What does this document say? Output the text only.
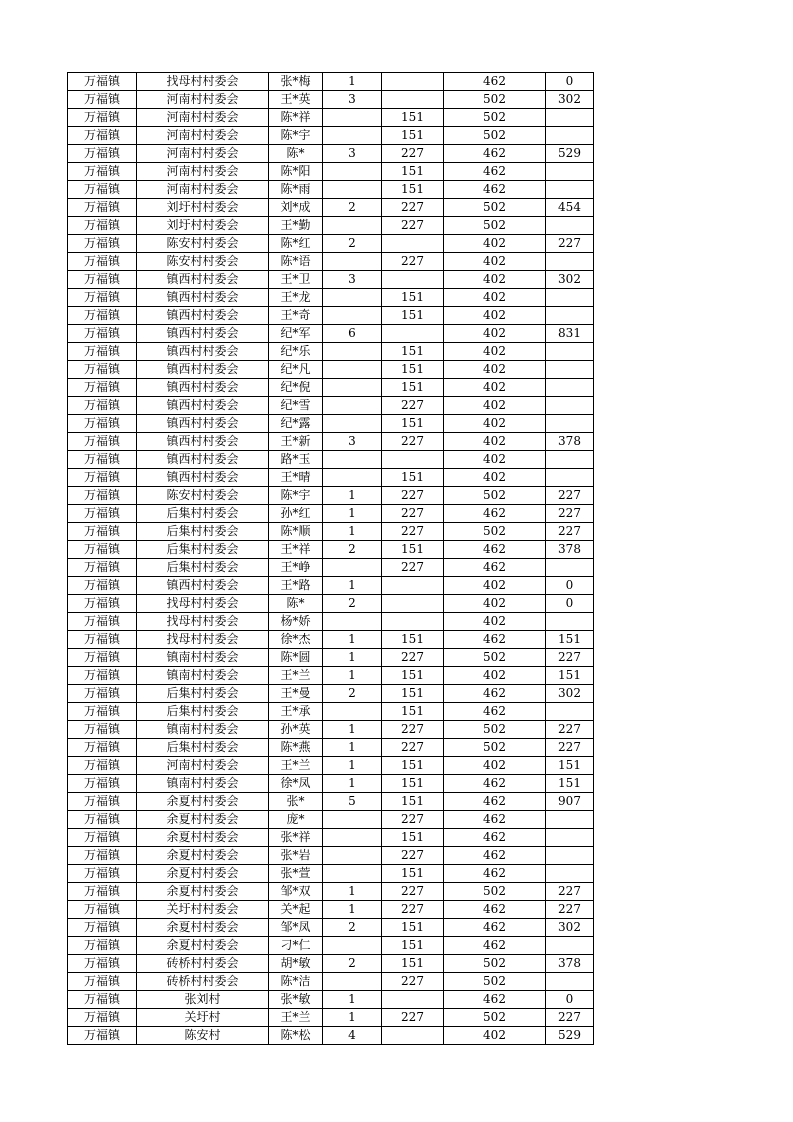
万福镇	找母村村委会	张*梅	1		462	0
万福镇	河南村村委会	王*英	3		502	302
万福镇	河南村村委会	陈*祥		151	502	
万福镇	河南村村委会	陈*宇		151	502	
万福镇	河南村村委会	陈*	3	227	462	529
万福镇	河南村村委会	陈*阳		151	462	
万福镇	河南村村委会	陈*雨		151	462	
万福镇	刘圩村村委会	刘*成	2	227	502	454
万福镇	刘圩村村委会	王*勤		227	502	
万福镇	陈安村村委会	陈*红	2		402	227
万福镇	陈安村村委会	陈*语		227	402	
万福镇	镇西村村委会	王*卫	3		402	302
万福镇	镇西村村委会	王*龙		151	402	
万福镇	镇西村村委会	王*奇		151	402	
万福镇	镇西村村委会	纪*军	6		402	831
万福镇	镇西村村委会	纪*乐		151	402	
万福镇	镇西村村委会	纪*凡		151	402	
万福镇	镇西村村委会	纪*倪		151	402	
万福镇	镇西村村委会	纪*雪		227	402	
万福镇	镇西村村委会	纪*露		151	402	
万福镇	镇西村村委会	王*新	3	227	402	378
万福镇	镇西村村委会	路*玉			402	
万福镇	镇西村村委会	王*晴		151	402	
万福镇	陈安村村委会	陈*宇	1	227	502	227
万福镇	后集村村委会	孙*红	1	227	462	227
万福镇	后集村村委会	陈*顺	1	227	502	227
万福镇	后集村村委会	王*祥	2	151	462	378
万福镇	后集村村委会	王*峥		227	462	
万福镇	镇西村村委会	王*路	1		402	0
万福镇	找母村村委会	陈*	2		402	0
万福镇	找母村村委会	杨*娇			402	
万福镇	找母村村委会	徐*杰	1	151	462	151
万福镇	镇南村村委会	陈*圆	1	227	502	227
万福镇	镇南村村委会	王*兰	1	151	402	151
万福镇	后集村村委会	王*曼	2	151	462	302
万福镇	后集村村委会	王*承		151	462	
万福镇	镇南村村委会	孙*英	1	227	502	227
万福镇	后集村村委会	陈*燕	1	227	502	227
万福镇	河南村村委会	王*兰	1	151	402	151
万福镇	镇南村村委会	徐*凤	1	151	462	151
万福镇	余夏村村委会	张*	5	151	462	907
万福镇	余夏村村委会	庞*		227	462	
万福镇	余夏村村委会	张*祥		151	462	
万福镇	余夏村村委会	张*岩		227	462	
万福镇	余夏村村委会	张*萱		151	462	
万福镇	余夏村村委会	邹*双	1	227	502	227
万福镇	关圩村村委会	关*起	1	227	462	227
万福镇	余夏村村委会	邹*凤	2	151	462	302
万福镇	余夏村村委会	刁*仁		151	462	
万福镇	砖桥村村委会	胡*敏	2	151	502	378
万福镇	砖桥村村委会	陈*洁		227	502	
万福镇	张刘村	张*敏	1		462	0
万福镇	关圩村	王*兰	1	227	502	227
万福镇	陈安村	陈*松	4		402	529
